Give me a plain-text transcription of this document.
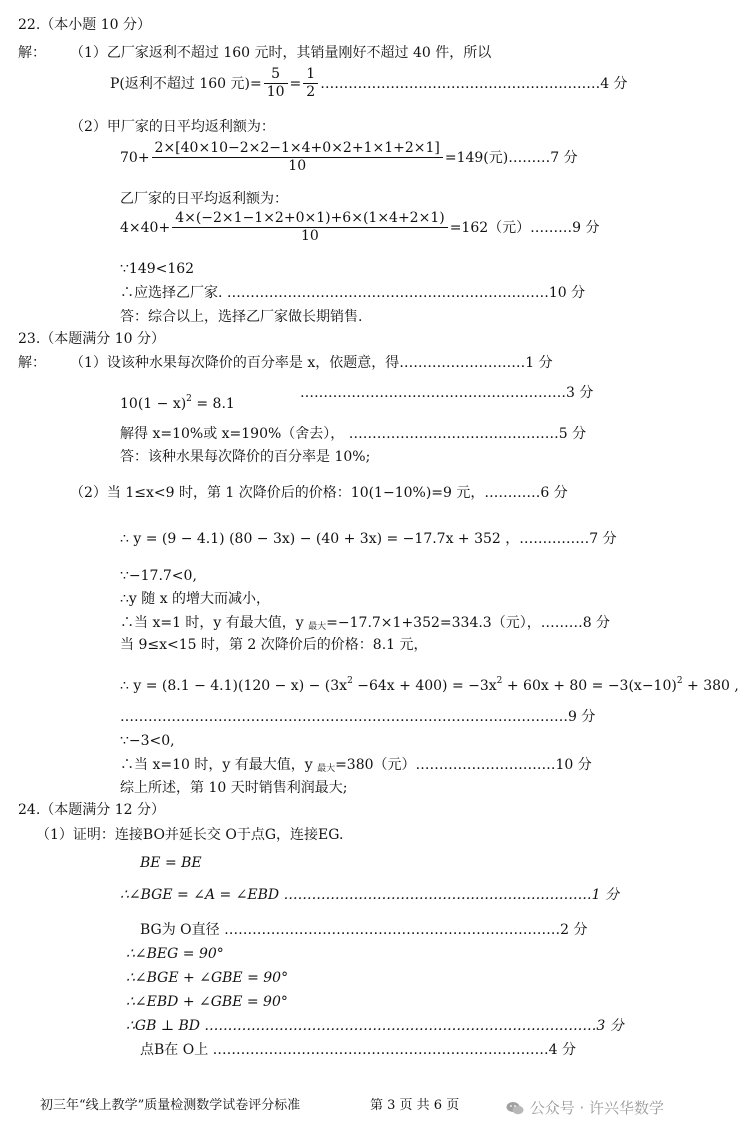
22.（本小题 10 分）
解： （1）乙厂家返利不超过 160 元时，其销量刚好不超过 40 件，所以
P(返利不超过 160 元)= $\frac{5}{10} = \frac{1}{2}$ ……………………………………………………4 分
（2）甲厂家的日平均返利额为：
$70+ \frac{2\times[40\times 10-2\times 2-1\times 4+0\times 2+1\times 1+2\times 1]}{10} =149$(元)………7 分
乙厂家的日平均返利额为：
$4\times 40+ \frac{4\times(-2\times 1-1\times 2+0\times 1)+6\times(1\times 4+2\times 1)}{10} =162$（元）………9 分
∵149<162
∴应选择乙厂家. ……………………………………………………………10 分
答：综合以上，选择乙厂家做长期销售.
23.（本题满分 10 分）
解： （1）设该种水果每次降价的百分率是 x，依题意，得………………………1 分
$10(1 - x)^2 = 8.1$
…………………………………………………3 分
解得 x=10%或 x=190%（舍去）， ………………………………………5 分
答：该种水果每次降价的百分率是 10%;
（2）当 1≤x<9 时，第 1 次降价后的价格：10(1−10%)=9 元，…………6 分
∴ y = (9 − 4.1) (80 − 3x) − (40 + 3x) = −17.7x + 352 ，……………7 分
∵−17.7<0,
∴y 随 x 的增大而减小，
∴当 x=1 时，y 有最大值，y $_{最大}$=−17.7×1+352=334.3（元），………8 分
当 9≤x<15 时，第 2 次降价后的价格：8.1 元，
∴ $y = (8.1 - 4.1)(120 - x) - (3x^2 -64x + 400) = -3x^2 + 60x + 80 = -3(x-10)^2 + 380$ ,
……………………………………………………………………………………9 分
∵−3<0,
∴当 x=10 时，y 有最大值，y $_{最大}$=380（元）…………………………10 分
综上所述，第 10 天时销售利润最大;
24.（本题满分 12 分）
（1）证明：连接BO并延长交 O于点G，连接EG.
BE = BE
∴∠BGE = ∠A = ∠EBD …………………………………………………………1 分
BG为 O直径 ………………………………………………………………2 分
∴∠BEG = 90°
∴∠BGE + ∠GBE = 90°
∴∠EBD + ∠GBE = 90°
∴GB ⊥ BD …………………………………………………………………………3 分
点B在 O上 ………………………………………………………………4 分
初三年“线上教学”质量检测数学试卷评分标准	第 3 页 共 6 页	公众号 · 许兴华数学
